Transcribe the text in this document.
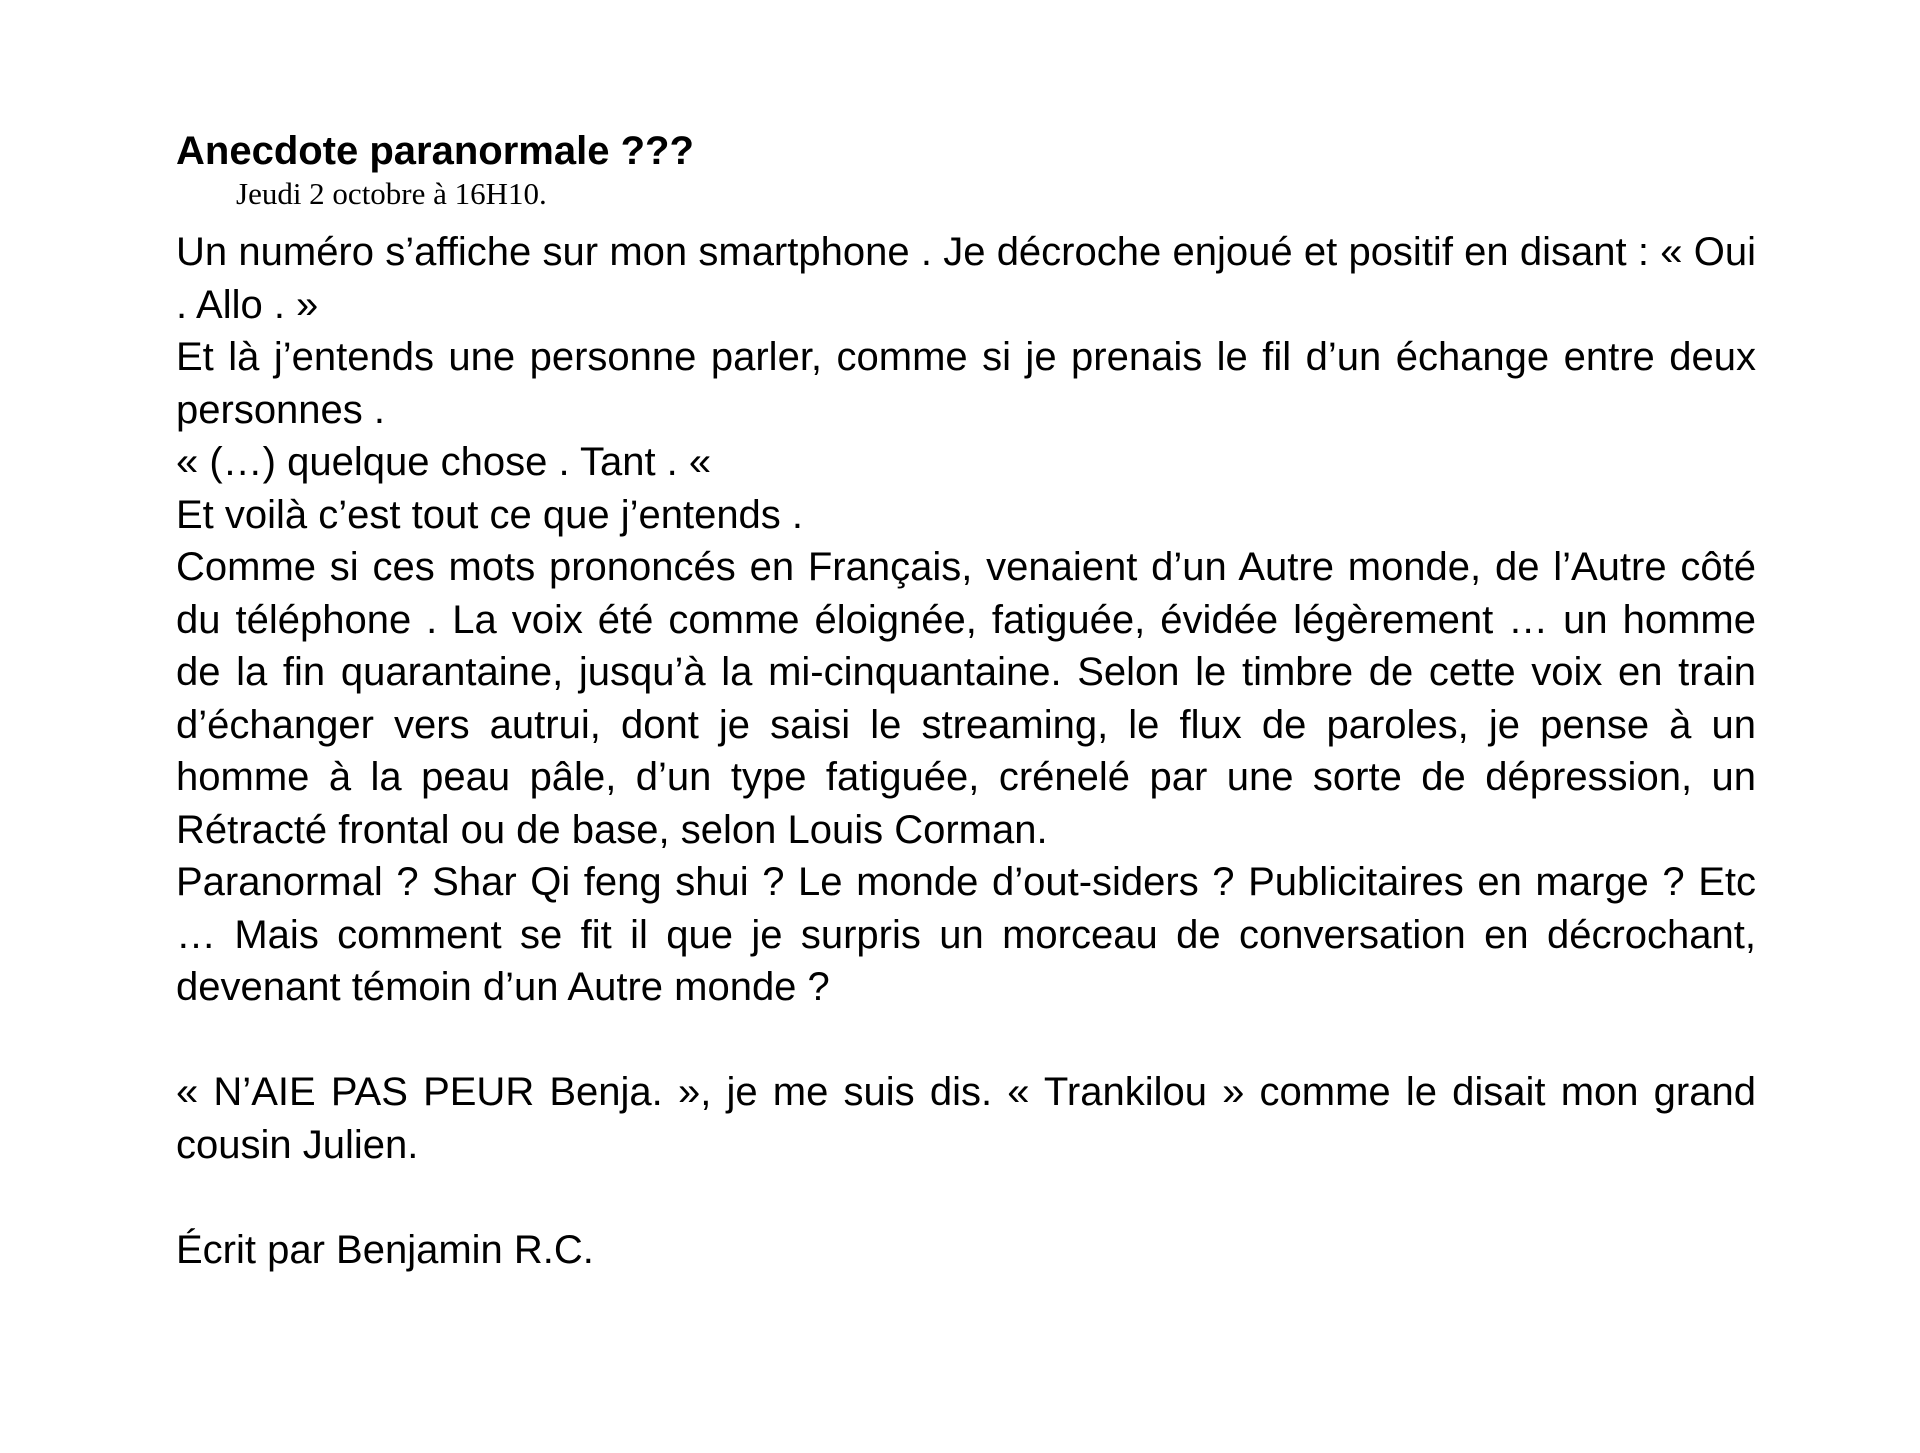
Anecdote paranormale ???

Jeudi 2 octobre à 16H10.

Un numéro s’affiche sur mon smartphone . Je décroche enjoué et positif en disant : « Oui . Allo . »

Et là j’entends une personne parler, comme si je prenais le fil d’un échange entre deux personnes .

« (…) quelque chose . Tant . «

Et voilà c’est tout ce que j’entends .

Comme si ces mots prononcés en Français, venaient d’un Autre monde, de l’Autre côté du téléphone . La voix été comme éloignée, fatiguée, évidée légèrement … un homme de la fin quarantaine, jusqu’à la mi-cinquantaine. Selon le timbre de cette voix en train d’échanger vers autrui, dont je saisi le streaming, le flux de paroles, je pense à un homme à la peau pâle, d’un type fatiguée, crénelé par une sorte de dépression, un Rétracté frontal ou de base, selon Louis Corman.

Paranormal ? Shar Qi feng shui ? Le monde d’out-siders ? Publicitaires en marge ? Etc … Mais comment se fit il que je surpris un morceau de conversation en décrochant, devenant témoin d’un Autre monde ?

« N’AIE PAS PEUR Benja. », je me suis dis. « Trankilou » comme le disait mon grand cousin Julien.

Écrit par Benjamin R.C.
